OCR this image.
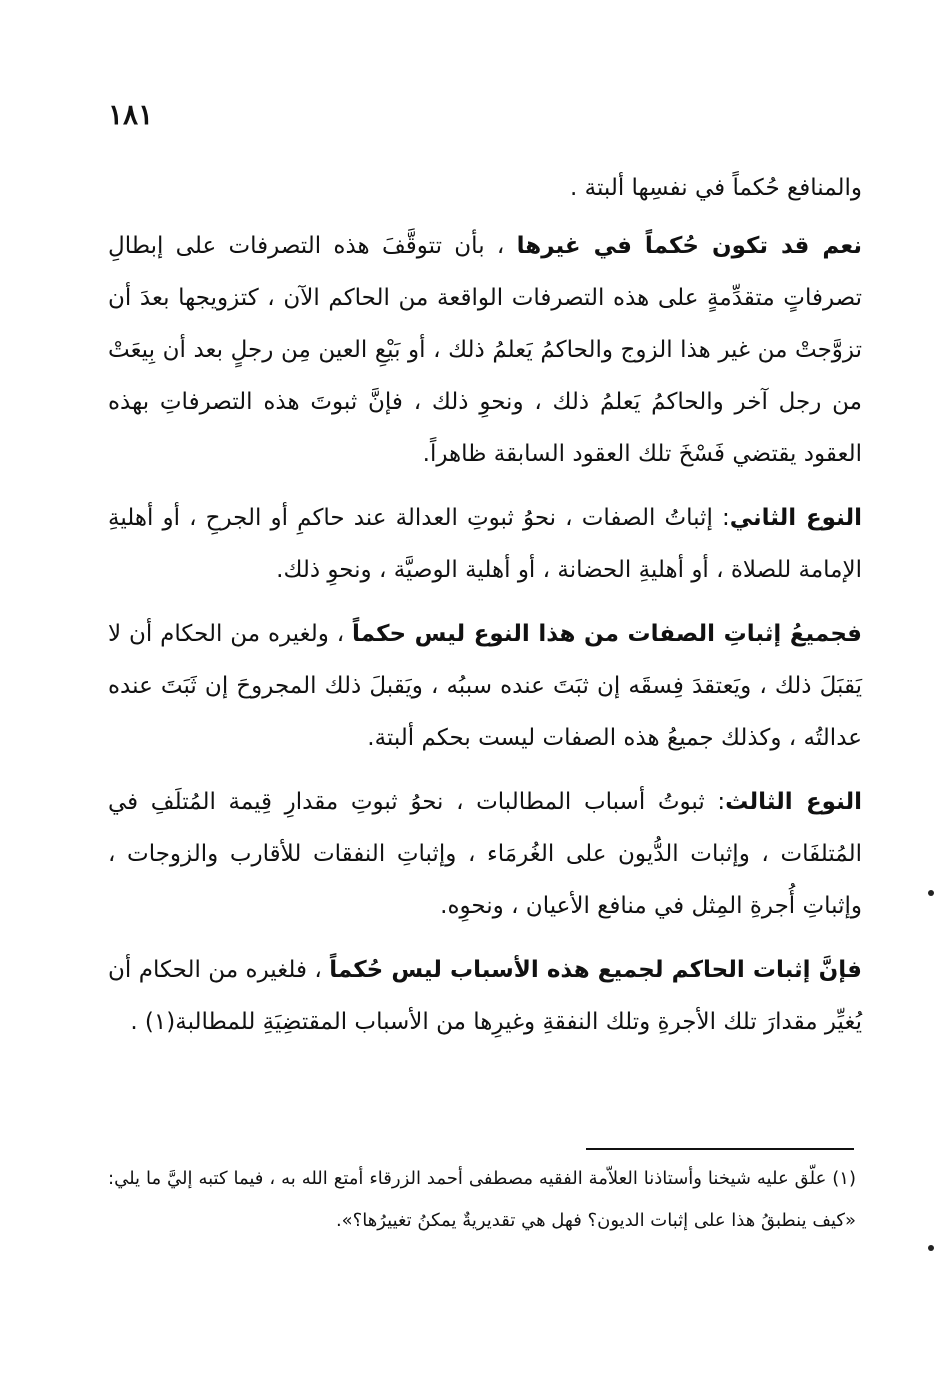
١٨١

والمنافع حُكماً في نفسِها ألبتة .

نعم قد تكون حُكماً في غيرها ، بأن تتوقَّفَ هذه التصرفات على إبطالِ تصرفاتٍ متقدِّمةٍ على هذه التصرفات الواقعة من الحاكم الآن ، كتزويجها بعدَ أن تزوَّجتْ من غير هذا الزوج والحاكمُ يَعلمُ ذلك ، أو بَيْعِ العين مِن رجلٍ بعد أن بِيعَتْ من رجل آخر والحاكمُ يَعلمُ ذلك ، ونحوِ ذلك ، فإنَّ ثبوتَ هذه التصرفاتِ بهذه العقود يقتضي فَسْخَ تلك العقود السابقة ظاهراً.

النوع الثاني: إثباتُ الصفات ، نحوُ ثبوتِ العدالة عند حاكمِ أو الجرحِ ، أو أهليةِ الإمامة للصلاة ، أو أهليةِ الحضانة ، أو أهلية الوصيَّة ، ونحوِ ذلك.

فجميعُ إثباتِ الصفات من هذا النوع ليس حكماً ، ولغيره من الحكام أن لا يَقبَلَ ذلك ، ويَعتقدَ فِسقَه إن ثبَتَ عنده سببُه ، ويَقبلَ ذلك المجروحَ إن ثَبَتَ عنده عدالتُه ، وكذلك جميعُ هذه الصفات ليست بحكم ألبتة.

النوع الثالث: ثبوتُ أسباب المطالبات ، نحوُ ثبوتِ مقدارِ قِيمة المُتلَفِ في المُتلفَات ، وإثبات الدُّيون على الغُرمَاء ، وإثباتِ النفقات للأقارب والزوجات ، وإثباتِ أُجرةِ المِثل في منافع الأعيان ، ونحوِه.

فإنَّ إثبات الحاكم لجميع هذه الأسباب ليس حُكماً ، فلغيره من الحكام أن يُغيِّر مقدارَ تلك الأجرةِ وتلك النفقةِ وغيرِها من الأسباب المقتضِيَةِ للمطالبة(١) .

(١) علّق عليه شيخنا وأستاذنا العلاّمة الفقيه مصطفى أحمد الزرقاء أمتع الله به ، فيما كتبه إليَّ ما يلي: «كيف ينطبقُ هذا على إثبات الديون؟ فهل هي تقديريةٌ يمكنُ تغييرُها؟».
